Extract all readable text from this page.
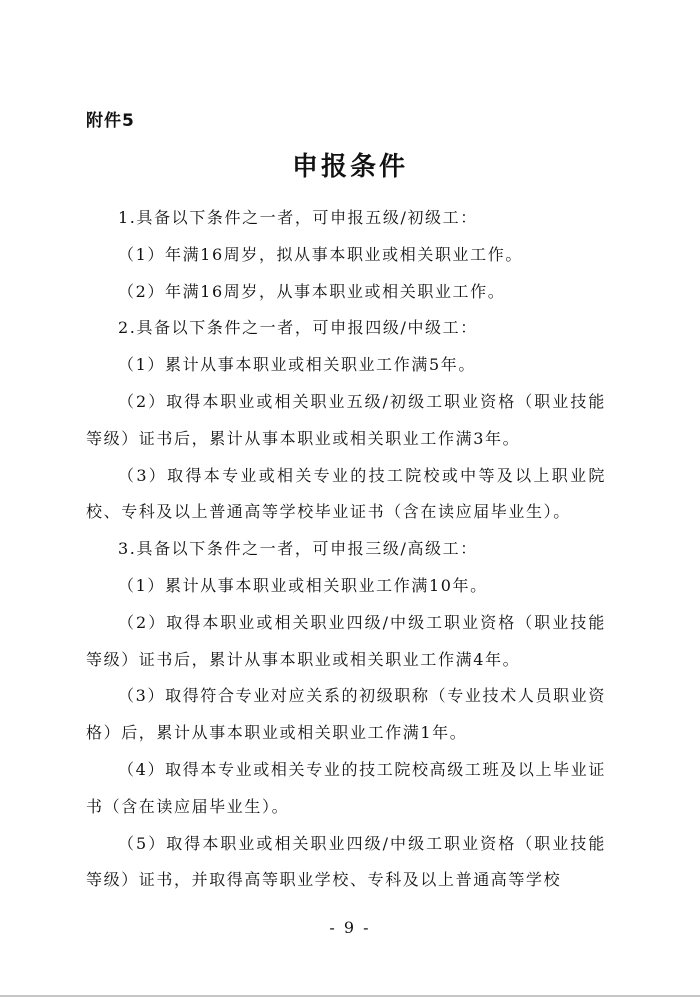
附件5
申报条件

1.具备以下条件之一者，可申报五级/初级工：

（1）年满16周岁，拟从事本职业或相关职业工作。

（2）年满16周岁，从事本职业或相关职业工作。

2.具备以下条件之一者，可申报四级/中级工：

（1）累计从事本职业或相关职业工作满5年。

（2）取得本职业或相关职业五级/初级工职业资格（职业技能等级）证书后，累计从事本职业或相关职业工作满3年。

（3）取得本专业或相关专业的技工院校或中等及以上职业院校、专科及以上普通高等学校毕业证书（含在读应届毕业生）。

3.具备以下条件之一者，可申报三级/高级工：

（1）累计从事本职业或相关职业工作满10年。

（2）取得本职业或相关职业四级/中级工职业资格（职业技能等级）证书后，累计从事本职业或相关职业工作满4年。

（3）取得符合专业对应关系的初级职称（专业技术人员职业资格）后，累计从事本职业或相关职业工作满1年。

（4）取得本专业或相关专业的技工院校高级工班及以上毕业证书（含在读应届毕业生）。

（5）取得本职业或相关职业四级/中级工职业资格（职业技能等级）证书，并取得高等职业学校、专科及以上普通高等学校

- 9 -
